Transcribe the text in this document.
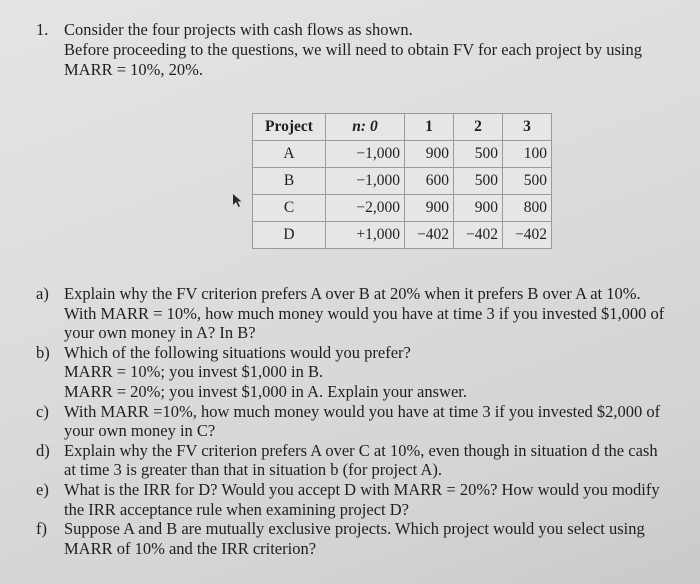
1. Consider the four projects with cash flows as shown.
Before proceeding to the questions, we will need to obtain FV for each project by using
MARR = 10%, 20%.
Project	n: 0	1	2	3
A	−1,000	900	500	100
B	−1,000	600	500	500
C	−2,000	900	900	800
D	+1,000	−402	−402	−402
a) Explain why the FV criterion prefers A over B at 20% when it prefers B over A at 10%.
With MARR = 10%, how much money would you have at time 3 if you invested $1,000 of
your own money in A? In B?
b) Which of the following situations would you prefer?
MARR = 10%; you invest $1,000 in B.
MARR = 20%; you invest $1,000 in A. Explain your answer.
c) With MARR =10%, how much money would you have at time 3 if you invested $2,000 of
your own money in C?
d) Explain why the FV criterion prefers A over C at 10%, even though in situation d the cash
at time 3 is greater than that in situation b (for project A).
e) What is the IRR for D? Would you accept D with MARR = 20%? How would you modify
the IRR acceptance rule when examining project D?
f) Suppose A and B are mutually exclusive projects. Which project would you select using
MARR of 10% and the IRR criterion?
